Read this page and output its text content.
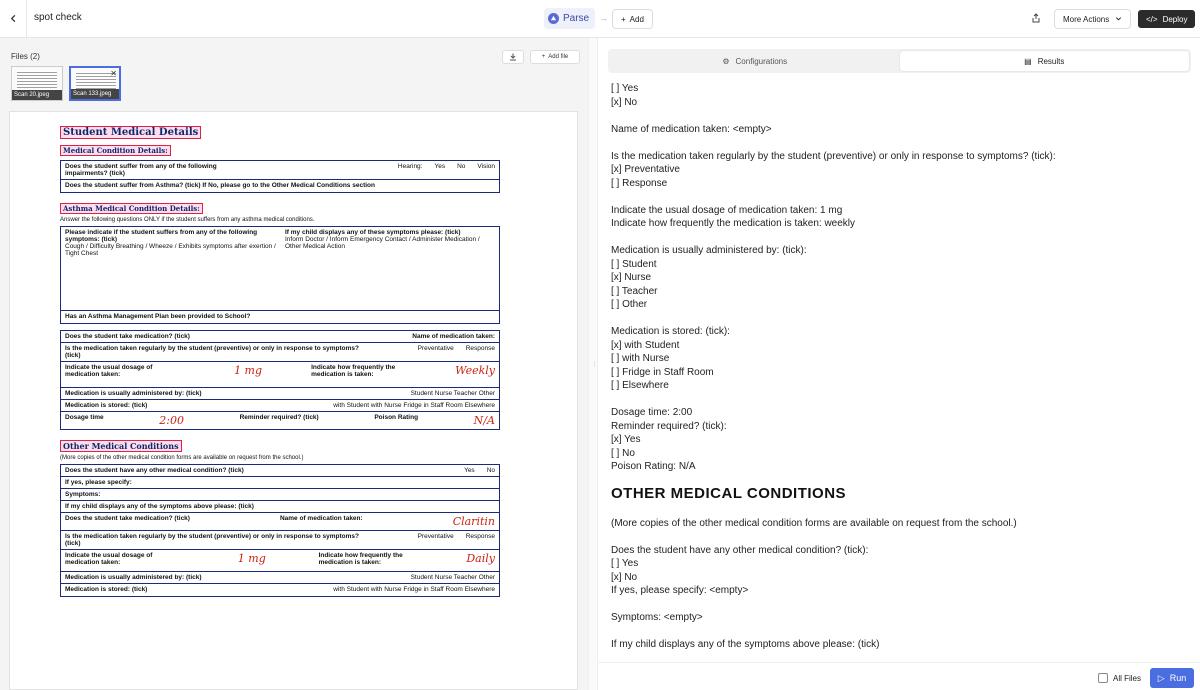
spot check	Parse → + Add	More Actions	</> Deploy
Files (2)	+ Add file
Scan 20.jpeg
✕
Scan 133.jpeg
Student Medical Details
Medical Condition Details:
Does the student suffer from any of the following impairments? (tick)
Hearing: Yes No Vision
Does the student suffer from Asthma? (tick) If No, please go to the Other Medical Conditions section
Asthma Medical Condition Details:

Answer the following questions ONLY if the student suffers from any asthma medical conditions.
Please indicate if the student suffers from any of the following symptoms: (tick)
Cough / Difficulty Breathing / Wheeze / Exhibits symptoms after exertion / Tight Chest
If my child displays any of these symptoms please: (tick)
Inform Doctor / Inform Emergency Contact / Administer Medication / Other Medical Action
Has an Asthma Management Plan been provided to School?
Does the student take medication? (tick)	Name of medication taken:
Is the medication taken regularly by the student (preventive) or only in response to symptoms? (tick)
Preventative Response
Indicate the usual dosage of medication taken:	1 mg	Indicate how frequently the medication is taken:	Weekly
Medication is usually administered by: (tick)	Student Nurse Teacher Other
Medication is stored: (tick)	with Student with Nurse Fridge in Staff Room Elsewhere
Dosage time	2:00	Reminder required? (tick)	Poison Rating	N/A
Other Medical Conditions
(More copies of the other medical condition forms are available on request from the school.)
Does the student have any other medical condition? (tick)	Yes No
If yes, please specify:
Symptoms:
If my child displays any of the symptoms above please: (tick)
Does the student take medication? (tick)	Name of medication taken:	Claritin
Is the medication taken regularly by the student (preventive) or only in response to symptoms? (tick)
Preventative Response
Indicate the usual dosage of medication taken:	1 mg	Indicate how frequently the medication is taken:	Daily
Medication is usually administered by: (tick)	Student Nurse Teacher Other
Medication is stored: (tick)	with Student with Nurse Fridge in Staff Room Elsewhere
⋮
⚙ Configurations	▤ Results

[ ] Yes
[x] No

Name of medication taken: <empty>

Is the medication taken regularly by the student (preventive) or only in response to symptoms? (tick):
[x] Preventative
[ ] Response

Indicate the usual dosage of medication taken: 1 mg
Indicate how frequently the medication is taken: weekly

Medication is usually administered by: (tick):
[ ] Student
[x] Nurse
[ ] Teacher
[ ] Other

Medication is stored: (tick):
[x] with Student
[ ] with Nurse
[ ] Fridge in Staff Room
[ ] Elsewhere

Dosage time: 2:00
Reminder required? (tick):
[x] Yes
[ ] No
Poison Rating: N/A

OTHER MEDICAL CONDITIONS

(More copies of the other medical condition forms are available on request from the school.)

Does the student have any other medical condition? (tick):
[ ] Yes
[x] No
If yes, please specify: <empty>

Symptoms: <empty>

If my child displays any of the symptoms above please: (tick)

All Files ▷ Run
